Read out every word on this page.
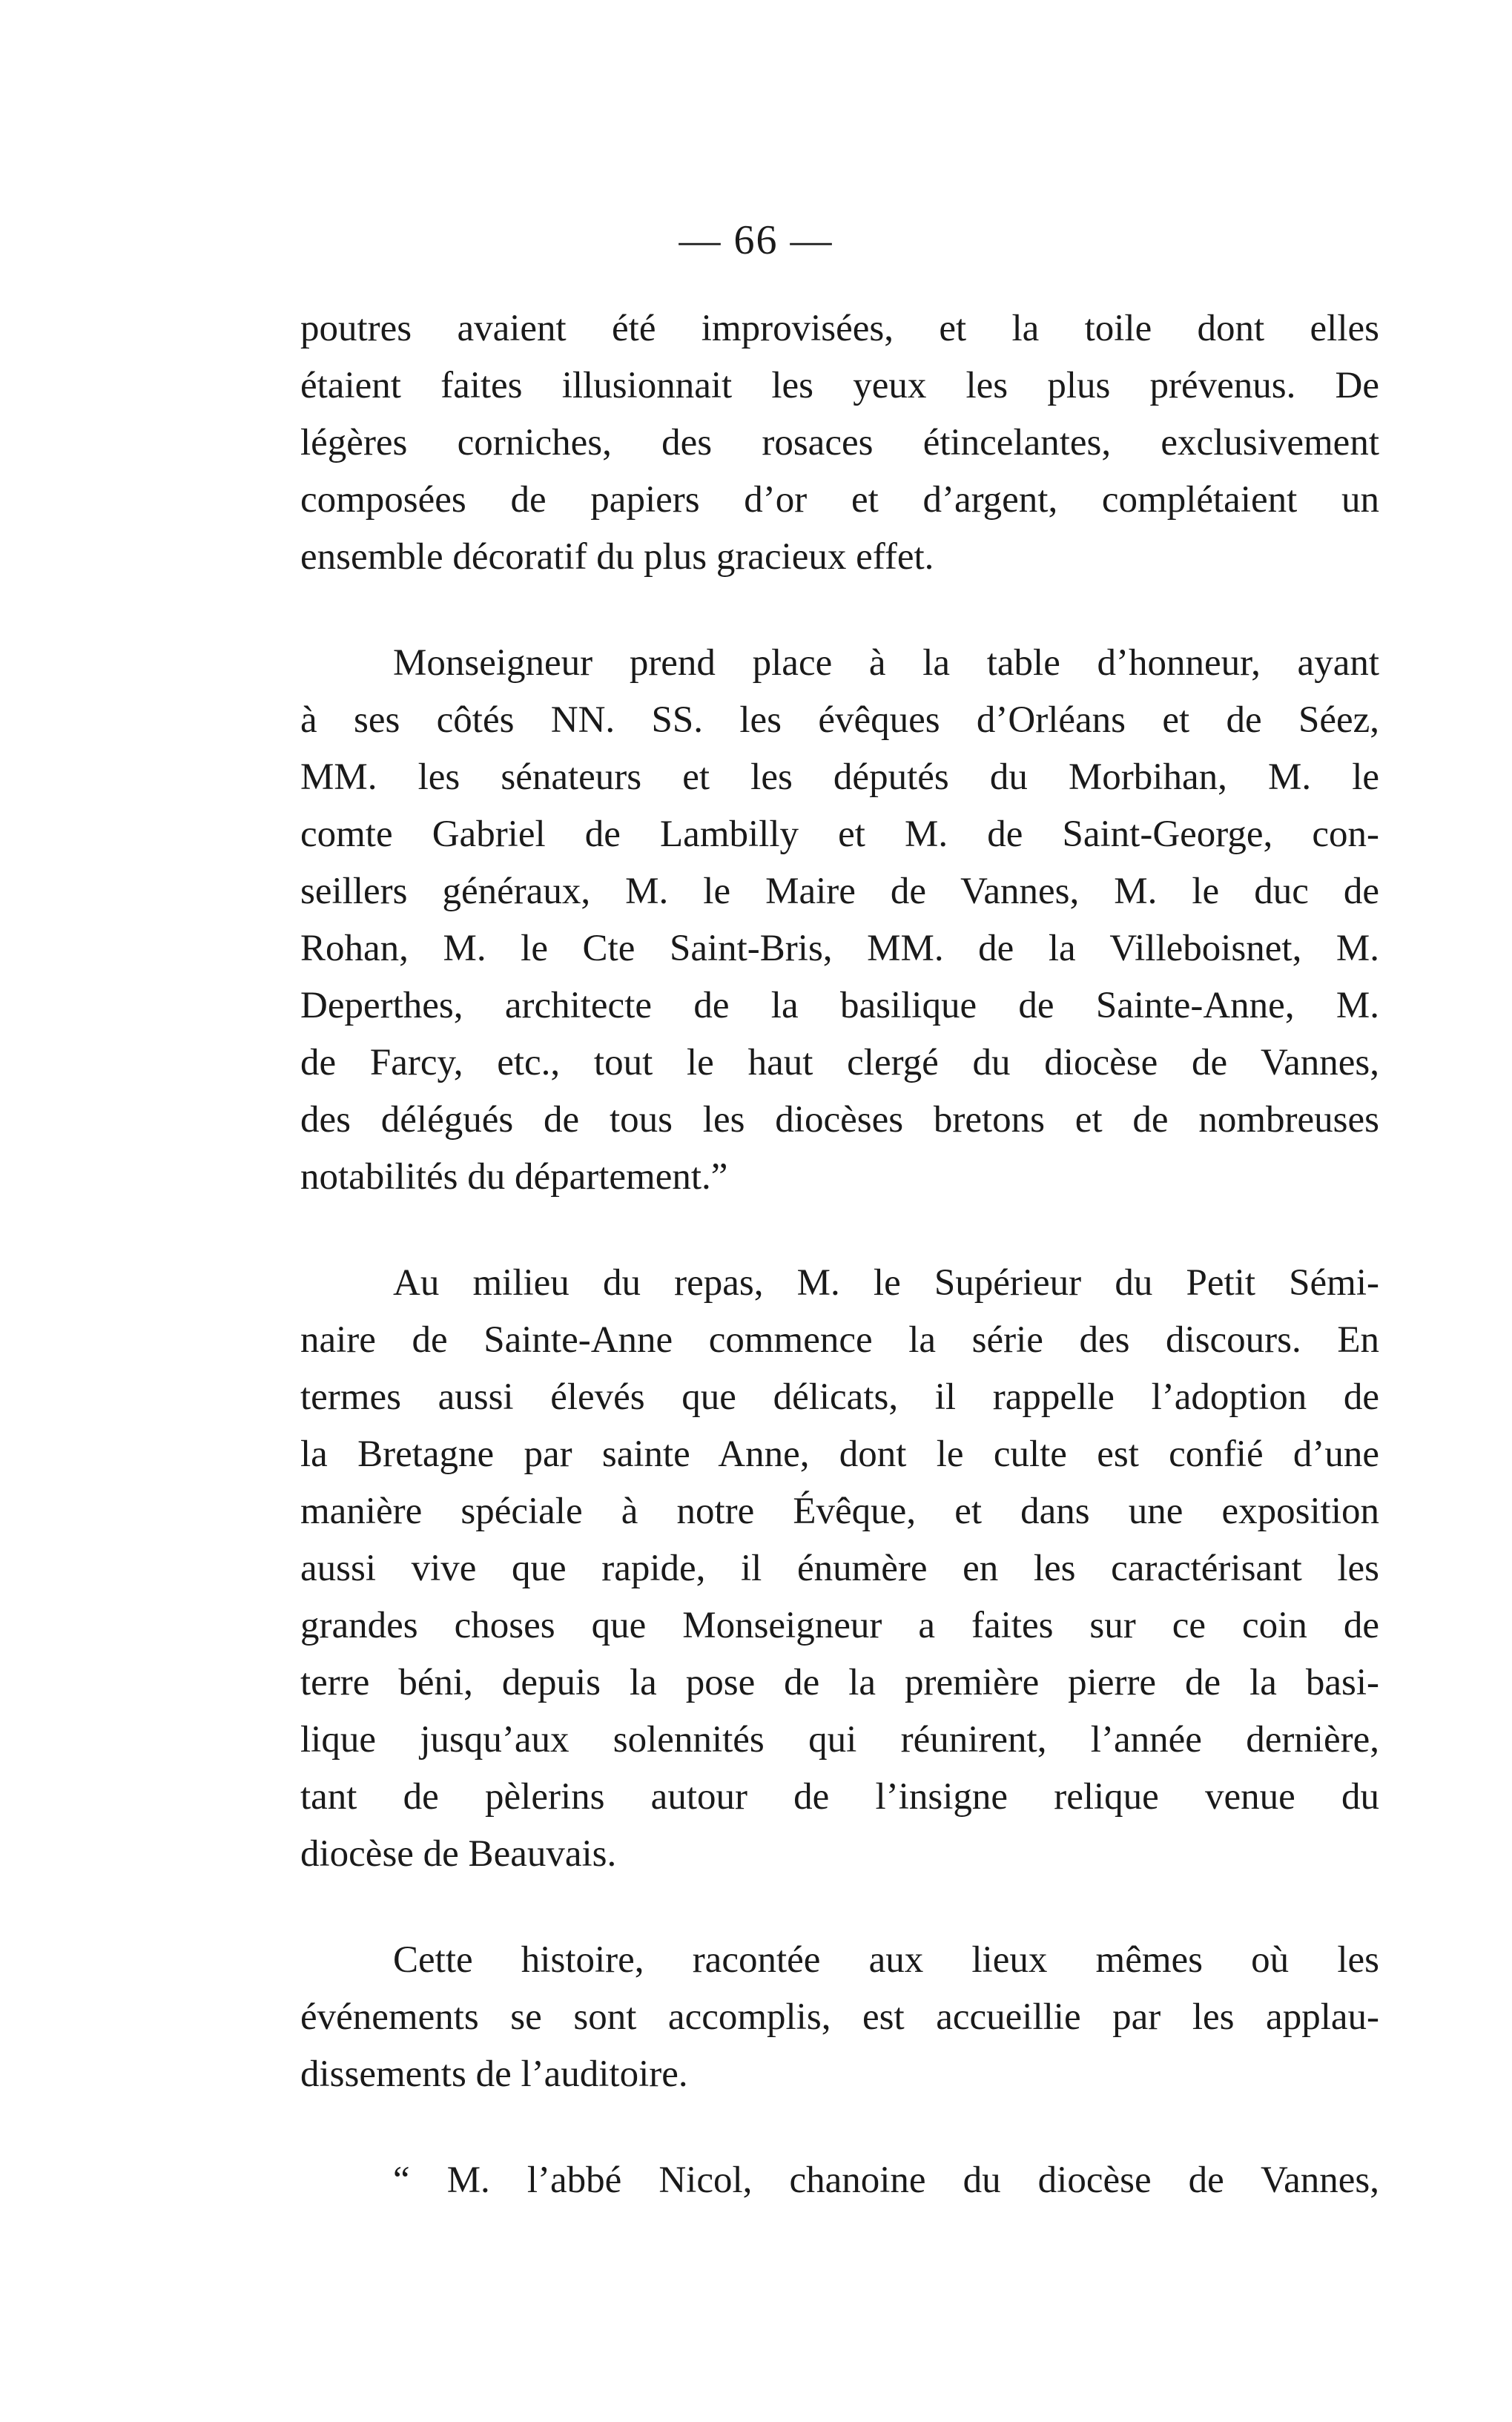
— 66 —

poutres avaient été improvisées, et la toile dont elles
étaient faites illusionnait les yeux les plus prévenus. De
légères corniches, des rosaces étincelantes, exclusivement
composées de papiers d’or et d’argent, complétaient un
ensemble décoratif du plus gracieux effet.

Monseigneur prend place à la table d’honneur, ayant
à ses côtés NN. SS. les évêques d’Orléans et de Séez,
MM. les sénateurs et les députés du Morbihan, M. le
comte Gabriel de Lambilly et M. de Saint-George, con-
seillers généraux, M. le Maire de Vannes, M. le duc de
Rohan, M. le Cte Saint-Bris, MM. de la Villeboisnet, M.
Deperthes, architecte de la basilique de Sainte-Anne, M.
de Farcy, etc., tout le haut clergé du diocèse de Vannes,
des délégués de tous les diocèses bretons et de nombreuses
notabilités du département.”

Au milieu du repas, M. le Supérieur du Petit Sémi-
naire de Sainte-Anne commence la série des discours. En
termes aussi élevés que délicats, il rappelle l’adoption de
la Bretagne par sainte Anne, dont le culte est confié d’une
manière spéciale à notre Évêque, et dans une exposition
aussi vive que rapide, il énumère en les caractérisant les
grandes choses que Monseigneur a faites sur ce coin de
terre béni, depuis la pose de la première pierre de la basi-
lique jusqu’aux solennités qui réunirent, l’année dernière,
tant de pèlerins autour de l’insigne relique venue du
diocèse de Beauvais.

Cette histoire, racontée aux lieux mêmes où les
événements se sont accomplis, est accueillie par les applau-
dissements de l’auditoire.

“ M. l’abbé Nicol, chanoine du diocèse de Vannes,
